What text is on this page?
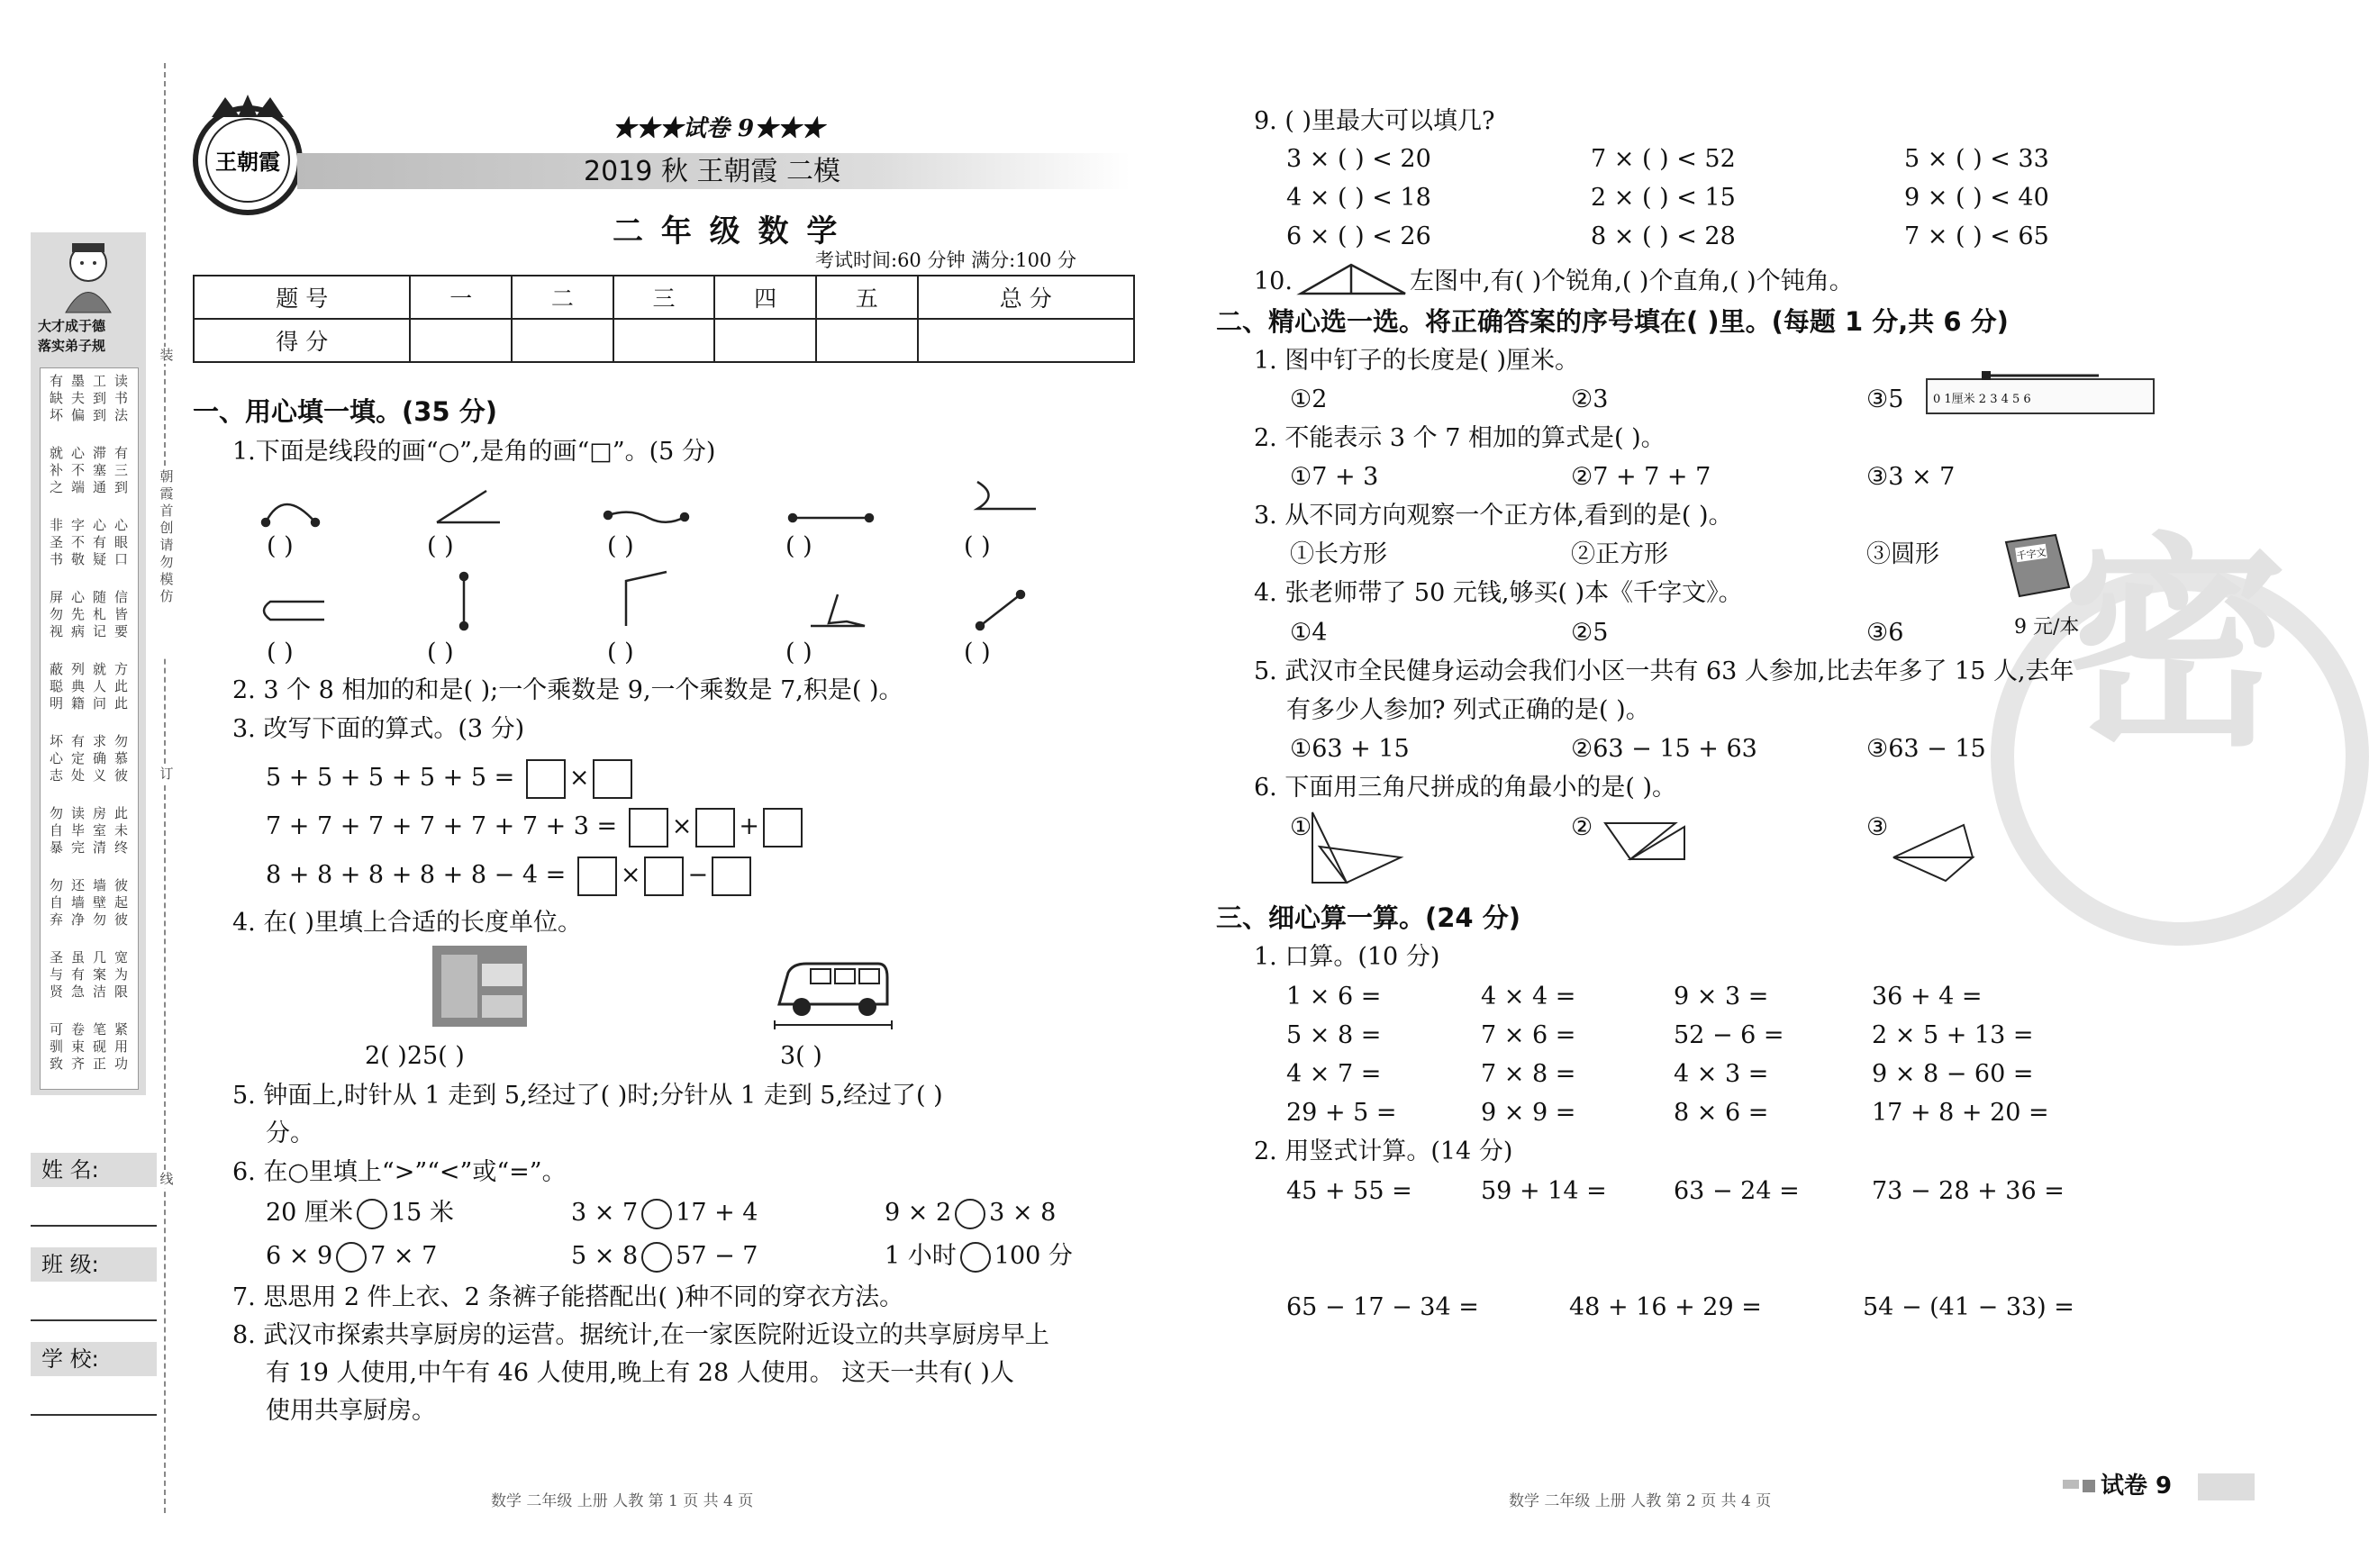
大才成于德
落实弟子规
有缺坏
墨夫偏
工到到
读书法
就补之
心不端
滞塞通
有三到
非圣书
字不敬
心有疑
心眼口
屏勿视
心先病
随札记
信皆要
蔽聪明
列典籍
就人问
方此此
坏心志
有定处
求确义
勿慕彼
勿自暴
读毕完
房室清
此未终
勿自弃
还墙净
墙壁勿
彼起彼
圣与贤
虽有急
几案洁
宽为限
可驯致
卷束齐
笔砚正
紧用功
姓 名:
班 级:
学 校:
装
朝霞首创 请勿模仿
订
线
王朝霞
★★★试卷 9★★★
2019 秋 王朝霞 二模
二 年 级 数 学
考试时间:60 分钟 满分:100 分
题 号	一	二	三	四	五	总 分
得 分						
一、用心填一填。(35 分)
1.下面是线段的画“○”,是角的画“□”。(5 分)
( )	( )	( )	( )	( )
( )	( )	( )	( )	( )
2. 3 个 8 相加的和是( );一个乘数是 9,一个乘数是 7,积是( )。
3. 改写下面的算式。(3 分)
5 + 5 + 5 + 5 + 5 = ×
7 + 7 + 7 + 7 + 7 + 7 + 3 = × +
8 + 8 + 8 + 8 + 8 − 4 = × −
4. 在( )里填上合适的长度单位。
2( )25( )	3( )
5. 钟面上,时针从 1 走到 5,经过了( )时;分针从 1 走到 5,经过了( )
分。
6. 在○里填上“>”“<”或“=”。
20 厘米 15 米	3 × 7 17 + 4	9 × 2 3 × 8
6 × 9 7 × 7	5 × 8 57 − 7	1 小时 100 分
7. 思思用 2 件上衣、2 条裤子能搭配出( )种不同的穿衣方法。
8. 武汉市探索共享厨房的运营。据统计,在一家医院附近设立的共享厨房早上
有 19 人使用,中午有 46 人使用,晚上有 28 人使用。 这天一共有( )人
使用共享厨房。
数学 二年级 上册 人教 第 1 页 共 4 页
密
9. ( )里最大可以填几?
3 × ( ) < 20	7 × ( ) < 52	5 × ( ) < 33
4 × ( ) < 18	2 × ( ) < 15	9 × ( ) < 40
6 × ( ) < 26	8 × ( ) < 28	7 × ( ) < 65
10.	左图中,有( )个锐角,( )个直角,( )个钝角。
二、精心选一选。将正确答案的序号填在( )里。(每题 1 分,共 6 分)
1. 图中钉子的长度是( )厘米。
①2	②3	③5	0 1厘米 2 3 4 5 6
2. 不能表示 3 个 7 相加的算式是( )。
①7 + 3	②7 + 7 + 7	③3 × 7
3. 从不同方向观察一个正方体,看到的是( )。
①长方形	②正方形	③圆形	千字文
9 元/本
4. 张老师带了 50 元钱,够买( )本《千字文》。
①4	②5	③6
5. 武汉市全民健身运动会我们小区一共有 63 人参加,比去年多了 15 人,去年
有多少人参加? 列式正确的是( )。
①63 + 15	②63 − 15 + 63	③63 − 15
6. 下面用三角尺拼成的角最小的是( )。
①	②	③
三、细心算一算。(24 分)
1. 口算。(10 分)
1 × 6 =	4 × 4 =	9 × 3 =	36 + 4 =
5 × 8 =	7 × 6 =	52 − 6 =	2 × 5 + 13 =
4 × 7 =	7 × 8 =	4 × 3 =	9 × 8 − 60 =
29 + 5 =	9 × 9 =	8 × 6 =	17 + 8 + 20 =
2. 用竖式计算。(14 分)
45 + 55 =	59 + 14 =	63 − 24 =	73 − 28 + 36 =
65 − 17 − 34 =	48 + 16 + 29 =	54 − (41 − 33) =
数学 二年级 上册 人教 第 2 页 共 4 页
试卷 9
